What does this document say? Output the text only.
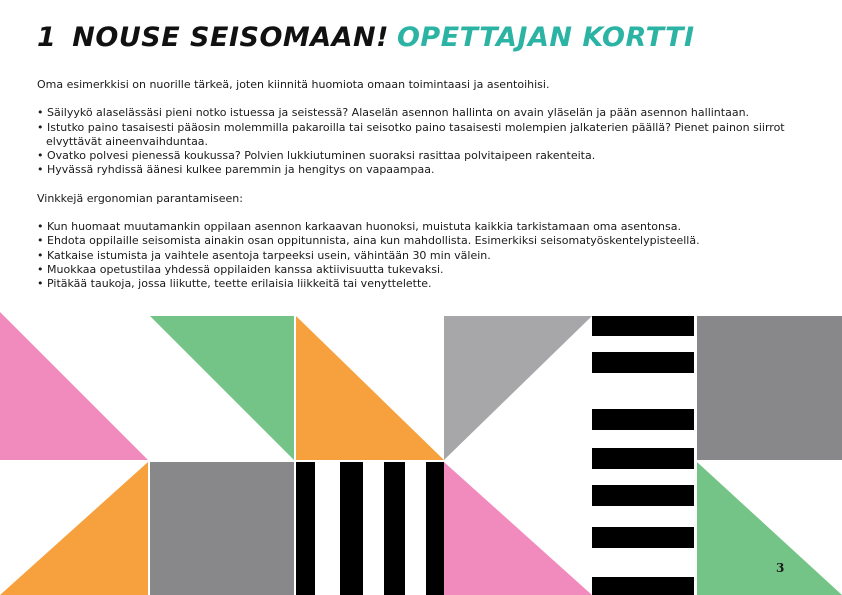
1 NOUSE SEISOMAAN! OPETTAJAN KORTTI

Oma esimerkkisi on nuorille tärkeä, joten kiinnitä huomiota omaan toimintaasi ja asentoihisi.

• Säilyykö alaselässäsi pieni notko istuessa ja seistessä? Alaselän asennon hallinta on avain yläselän ja pään asennon hallintaan.
• Istutko paino tasaisesti pääosin molemmilla pakaroilla tai seisotko paino tasaisesti molempien jalkaterien päällä? Pienet painon siirrot elvyttävät aineenvaihduntaa.
• Ovatko polvesi pienessä koukussa? Polvien lukkiutuminen suoraksi rasittaa polvitaipeen rakenteita.
• Hyvässä ryhdissä äänesi kulkee paremmin ja hengitys on vapaampaa.

Vinkkejä ergonomian parantamiseen:

• Kun huomaat muutamankin oppilaan asennon karkaavan huonoksi, muistuta kaikkia tarkistamaan oma asentonsa.
• Ehdota oppilaille seisomista ainakin osan oppitunnista, aina kun mahdollista. Esimerkiksi seisomatyöskentelypisteellä.
• Katkaise istumista ja vaihtele asentoja tarpeeksi usein, vähintään 30 min välein.
• Muokkaa opetustilaa yhdessä oppilaiden kanssa aktiivisuutta tukevaksi.
• Pitäkää taukoja, jossa liikutte, teette erilaisia liikkeitä tai venyttelette.
3
